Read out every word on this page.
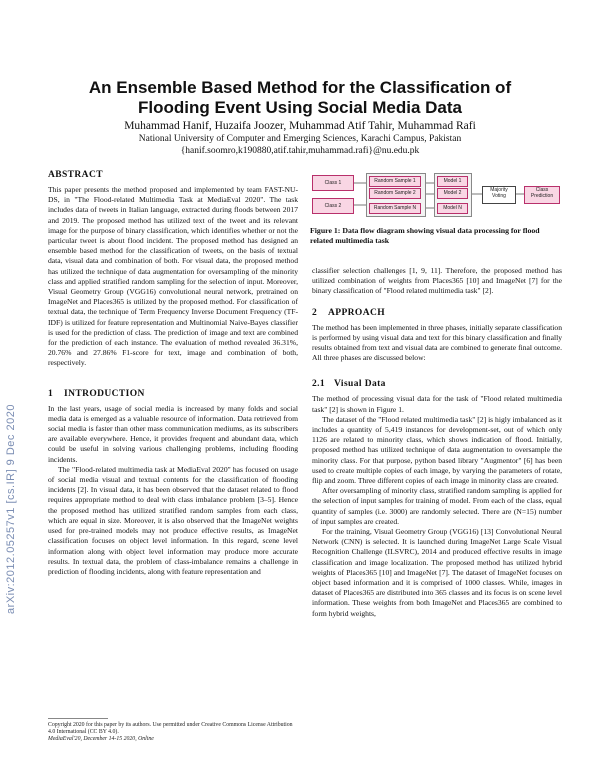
An Ensemble Based Method for the Classification of
Flooding Event Using Social Media Data
Muhammad Hanif, Huzaifa Joozer, Muhammad Atif Tahir, Muhammad Rafi
National University of Computer and Emerging Sciences, Karachi Campus, Pakistan
{hanif.soomro,k190880,atif.tahir,muhammad.rafi}@nu.edu.pk
arXiv:2012.05257v1 [cs.IR] 9 Dec 2020
ABSTRACT

This paper presents the method proposed and implemented by team FAST-NU-DS, in "The Flood-related Multimedia Task at MediaEval 2020". The task includes data of tweets in Italian language, extracted during floods between 2017 and 2019. The proposed method has utilized text of the tweet and its relevant image for the purpose of binary classification, which identifies whether or not the particular tweet is about flood incident. The proposed method has designed an ensemble based method for the classification of tweets, on the basis of textual data, visual data and combination of both. For visual data, the proposed method has utilized the technique of data augmentation for oversampling of the minority class and applied stratified random sampling for the selection of input. Moreover, Visual Geometry Group (VGG16) convolutional neural network, pretrained on ImageNet and Places365 is utilized by the proposed method. For classification of textual data, the technique of Term Frequency Inverse Document Frequency (TF-IDF) is utilized for feature representation and Multinomial Naive-Bayes classifier is used for the prediction of class. The prediction of image and text are combined for the prediction of each instance. The evaluation of method revealed 36.31%, 20.76% and 27.86% F1-score for text, image and combination of both, respectively.

1 INTRODUCTION

In the last years, usage of social media is increased by many folds and social media data is emerged as a valuable resource of information. Data retrieved from social media is faster than other mass communication mediums, as its subscribers are available everywhere. Hence, it provides frequent and abundant data, which could be useful in solving various challenging problems, including flooding incidents.

The "Flood-related multimedia task at MediaEval 2020" has focused on usage of social media visual and textual contents for the classification of flooding incidents [2]. In visual data, it has been observed that the dataset related to flood requires appropriate method to deal with class imbalance problem [3–5]. Hence the proposed method has utilized stratified random samples from each class, which are equal in size. Moreover, it is also observed that the ImageNet weights used for pre-trained models may not produce effective results, as ImageNet classification focuses on object level information. In this regard, scene level information along with object level information may produce more accurate results. In textual data, the problem of class-imbalance remains a challenge in prediction of flooding incidents, along with feature representation and

Copyright 2020 for this paper by its authors. Use permitted under Creative Commons License Attribution 4.0 International (CC BY 4.0).
MediaEval'20, December 14-15 2020, Online
Class 1
Class 2
Random Sample 1
Random Sample 2
Random Sample N
Model 1
Model 2
Model N
Majority Voting
Class Prediction
Figure 1: Data flow diagram showing visual data processing for flood related multimedia task

classifier selection challenges [1, 9, 11]. Therefore, the proposed method has utilized combination of weights from Places365 [10] and ImageNet [7] for the binary classification of "Flood related multimedia task" [2].

2 APPROACH

The method has been implemented in three phases, initially separate classification is performed by using visual data and text for this binary classification and finally results obtained from text and visual data are combined to generate final outcome. All three phases are discussed below:

2.1 Visual Data

The method of processing visual data for the task of "Flood related multimedia task" [2] is shown in Figure 1.

The dataset of the "Flood related multimedia task" [2] is higly imbalanced as it includes a quantity of 5,419 instances for development-set, out of which only 1126 are related to minority class, which shows indication of flood. Initially, proposed method has utilized technique of data augmentation to oversample the minority class. For that purpose, python based library "Augmentor" [6] has been used to create multiple copies of each image, by varying the parameters of rotate, flip and zoom. Three different copies of each image in minority class are created.

After oversampling of minority class, stratified random sampling is applied for the selection of input samples for training of model. From each of the class, equal quantity of samples (i.e. 3000) are randomly selected. There are (N=15) number of input samples are created.

For the training, Visual Geometry Group (VGG16) [13] Convolutional Neural Network (CNN) is selected. It is launched during ImageNet Large Scale Visual Recognition Challenge (ILSVRC), 2014 and produced effective results in image classification and image localization. The proposed method has utilized hybrid weights of Places365 [10] and ImageNet [7]. The dataset of ImageNet focuses on object based information and it is comprised of 1000 classes. While, images in dataset of Places365 are distributed into 365 classes and its focus is on scene level information. These weights from both ImageNet and Places365 are combined to form hybrid weights,
